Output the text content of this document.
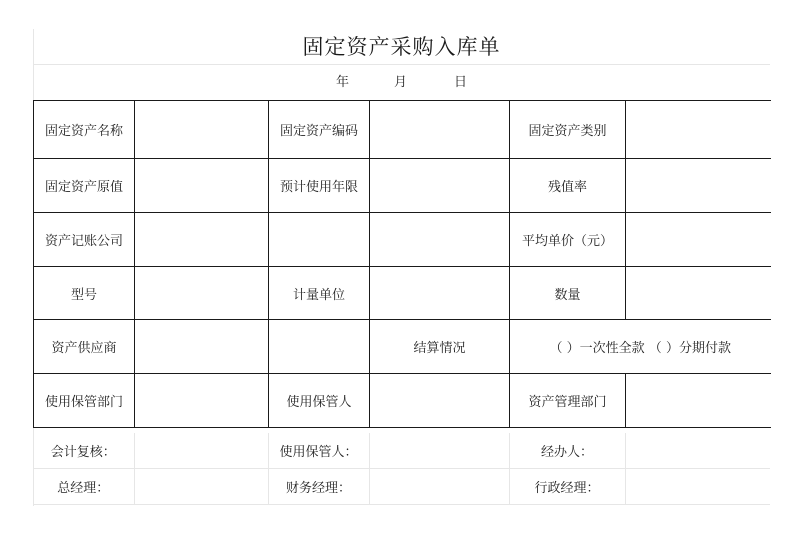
固定资产采购入库单
年	月	日
固定资产名称		固定资产编码		固定资产类别	
固定资产原值		预计使用年限		残值率	
资产记账公司				平均单价（元）	
型号		计量单位		数量	
资产供应商			结算情况	（ ）一次性全款 （ ）分期付款	
使用保管部门		使用保管人		资产管理部门	
会计复核：		使用保管人：		经办人：	
总经理：		财务经理：		行政经理：	
